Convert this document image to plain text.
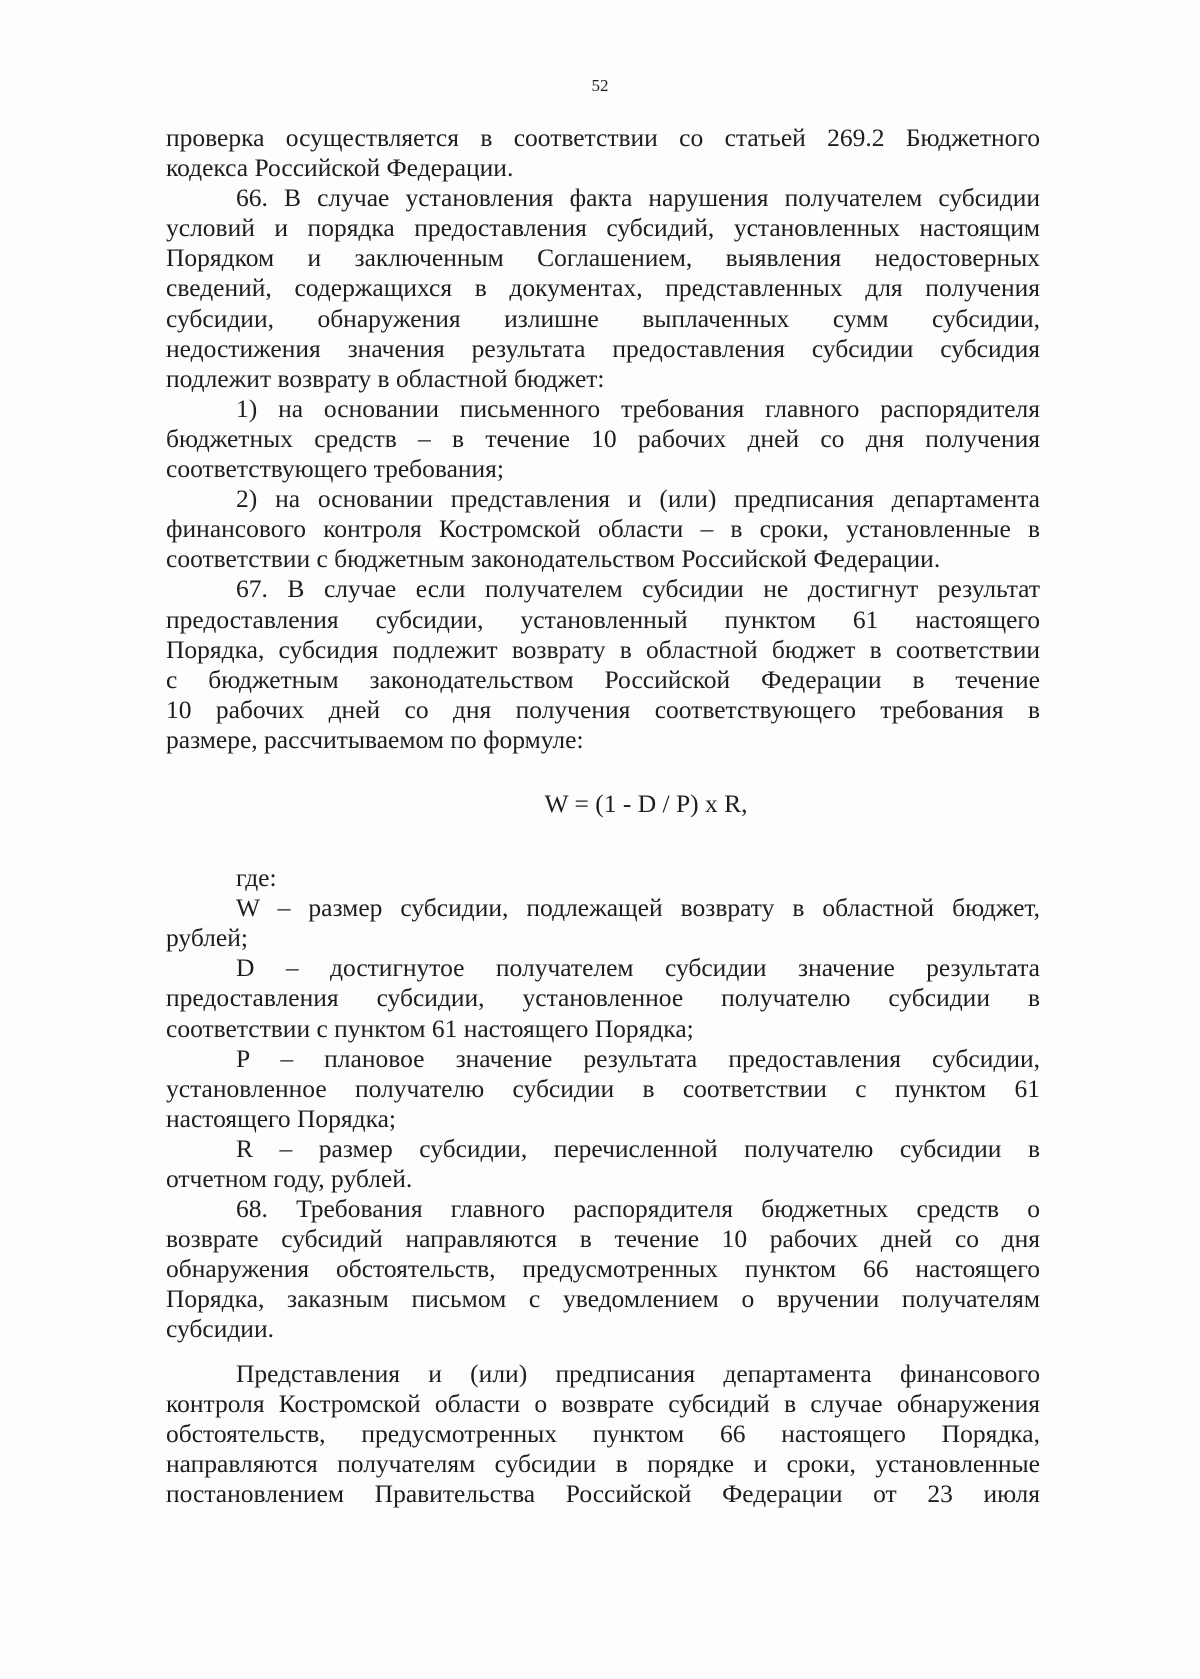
52
проверка осуществляется в соответствии со статьей 269.2 Бюджетного
кодекса Российской Федерации.
66. В случае установления факта нарушения получателем субсидии
условий и порядка предоставления субсидий, установленных настоящим
Порядком и заключенным Соглашением, выявления недостоверных
сведений, содержащихся в документах, представленных для получения
субсидии, обнаружения излишне выплаченных сумм субсидии,
недостижения значения результата предоставления субсидии субсидия
подлежит возврату в областной бюджет:
1) на основании письменного требования главного распорядителя
бюджетных средств – в течение 10 рабочих дней со дня получения
соответствующего требования;
2) на основании представления и (или) предписания департамента
финансового контроля Костромской области – в сроки, установленные в
соответствии с бюджетным законодательством Российской Федерации.
67. В случае если получателем субсидии не достигнут результат
предоставления субсидии, установленный пунктом 61 настоящего
Порядка, субсидия подлежит возврату в областной бюджет в соответствии
с бюджетным законодательством Российской Федерации в течение
10 рабочих дней со дня получения соответствующего требования в
размере, рассчитываемом по формуле:
W = (1 - D / P) x R,
где:
W – размер субсидии, подлежащей возврату в областной бюджет,
рублей;
D – достигнутое получателем субсидии значение результата
предоставления субсидии, установленное получателю субсидии в
соответствии с пунктом 61 настоящего Порядка;
P – плановое значение результата предоставления субсидии,
установленное получателю субсидии в соответствии с пунктом 61
настоящего Порядка;
R – размер субсидии, перечисленной получателю субсидии в
отчетном году, рублей.
68. Требования главного распорядителя бюджетных средств о
возврате субсидий направляются в течение 10 рабочих дней со дня
обнаружения обстоятельств, предусмотренных пунктом 66 настоящего
Порядка, заказным письмом с уведомлением о вручении получателям
субсидии.
Представления и (или) предписания департамента финансового
контроля Костромской области о возврате субсидий в случае обнаружения
обстоятельств, предусмотренных пунктом 66 настоящего Порядка,
направляются получателям субсидии в порядке и сроки, установленные
постановлением Правительства Российской Федерации от 23 июля
